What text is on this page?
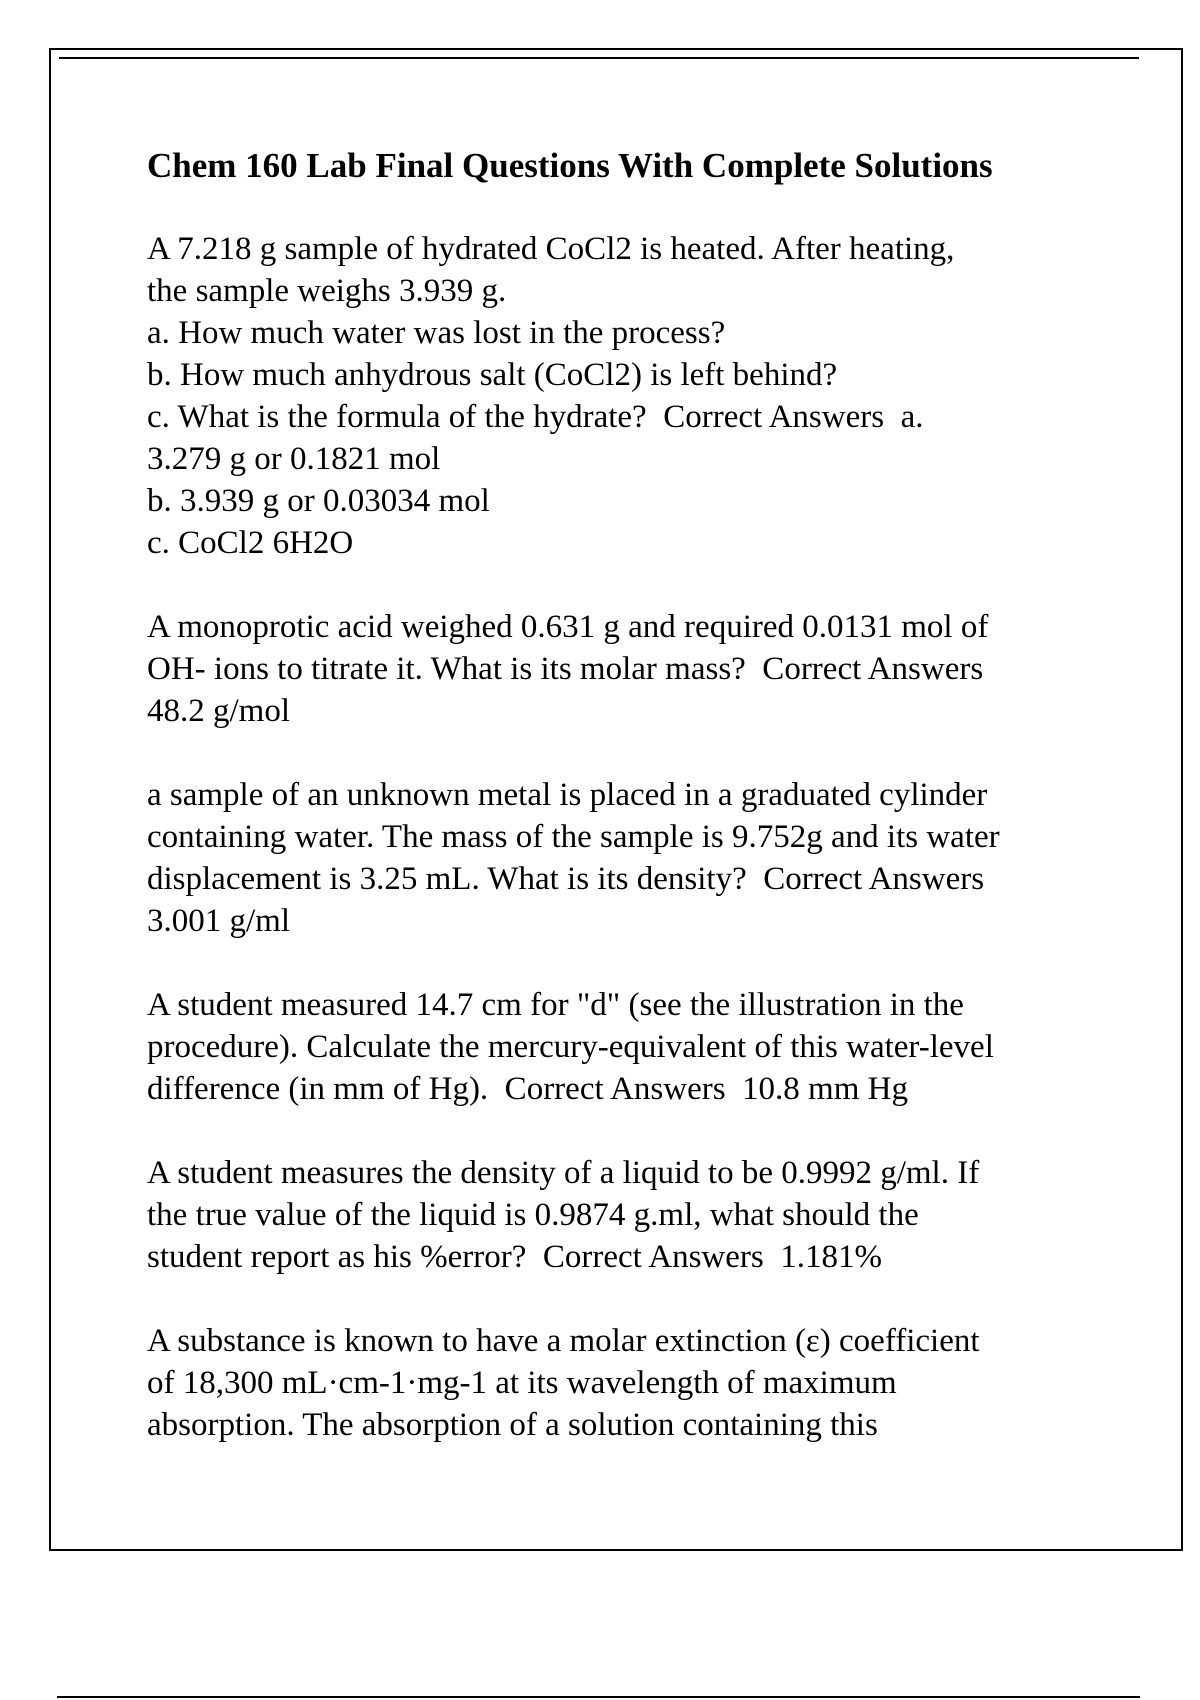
Chem 160 Lab Final Questions With Complete Solutions
A 7.218 g sample of hydrated CoCl2 is heated. After heating,
the sample weighs 3.939 g.
a. How much water was lost in the process?
b. How much anhydrous salt (CoCl2) is left behind?
c. What is the formula of the hydrate?  Correct Answers  a.
3.279 g or 0.1821 mol
b. 3.939 g or 0.03034 mol
c. CoCl2 6H2O
A monoprotic acid weighed 0.631 g and required 0.0131 mol of
OH- ions to titrate it. What is its molar mass?  Correct Answers
48.2 g/mol
a sample of an unknown metal is placed in a graduated cylinder
containing water. The mass of the sample is 9.752g and its water
displacement is 3.25 mL. What is its density?  Correct Answers
3.001 g/ml
A student measured 14.7 cm for "d" (see the illustration in the
procedure). Calculate the mercury-equivalent of this water-level
difference (in mm of Hg).  Correct Answers  10.8 mm Hg
A student measures the density of a liquid to be 0.9992 g/ml. If
the true value of the liquid is 0.9874 g.ml, what should the
student report as his %error?  Correct Answers  1.181%
A substance is known to have a molar extinction (ε) coefficient
of 18,300 mL·cm-1·mg-1 at its wavelength of maximum
absorption. The absorption of a solution containing this
